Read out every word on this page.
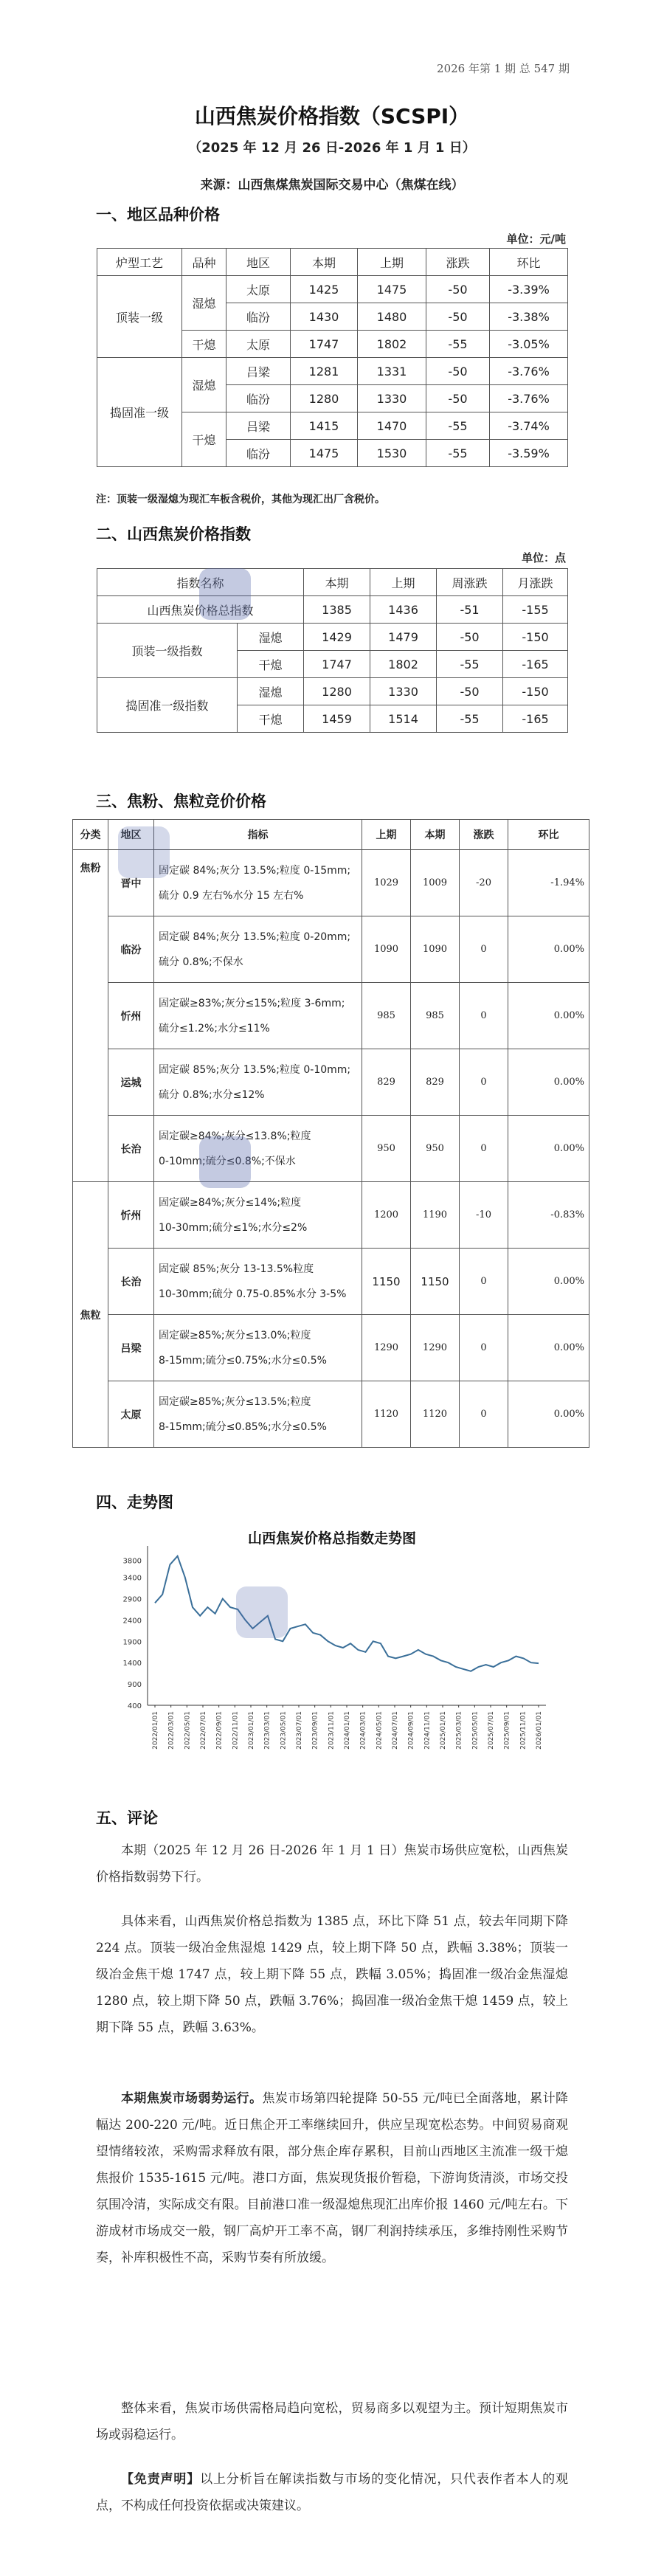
2026 年第 1 期 总 547 期
山西焦炭价格指数（SCSPI）
（2025 年 12 月 26 日-2026 年 1 月 1 日）
来源：山西焦煤焦炭国际交易中心（焦煤在线）
一、地区品种价格
单位：元/吨
炉型工艺	品种	地区	本期	上期	涨跌	环比
顶装一级	湿熄	太原	1425	1475	-50	-3.39%
		临汾	1430	1480	-50	-3.38%
	干熄	太原	1747	1802	-55	-3.05%
捣固准一级	湿熄	吕梁	1281	1331	-50	-3.76%
		临汾	1280	1330	-50	-3.76%
	干熄	吕梁	1415	1470	-55	-3.74%
		临汾	1475	1530	-55	-3.59%
注：顶装一级湿熄为现汇车板含税价，其他为现汇出厂含税价。
二、山西焦炭价格指数
单位：点
指数名称		本期	上期	周涨跌	月涨跌
山西焦炭价格总指数		1385	1436	-51	-155
顶装一级指数	湿熄	1429	1479	-50	-150
	干熄	1747	1802	-55	-165
捣固准一级指数	湿熄	1280	1330	-50	-150
	干熄	1459	1514	-55	-165
三、焦粉、焦粒竞价价格
分类	地区	指标	上期	本期	涨跌	环比
焦粉	晋中	固定碳 84%;灰分 13.5%;粒度 0-15mm;
硫分 0.9 左右%水分 15 左右%	1029	1009	-20	-1.94%
	临汾	固定碳 84%;灰分 13.5%;粒度 0-20mm;
硫分 0.8%;不保水	1090	1090	0	0.00%
	忻州	固定碳≥83%;灰分≤15%;粒度 3-6mm;
硫分≤1.2%;水分≤11%	985	985	0	0.00%
	运城	固定碳 85%;灰分 13.5%;粒度 0-10mm;
硫分 0.8%;水分≤12%	829	829	0	0.00%
	长治	固定碳≥84%;灰分≤13.8%;粒度
0-10mm;硫分≤0.8%;不保水	950	950	0	0.00%
焦粒	忻州	固定碳≥84%;灰分≤14%;粒度
10-30mm;硫分≤1%;水分≤2%	1200	1190	-10	-0.83%
	长治	固定碳 85%;灰分 13-13.5%粒度
10-30mm;硫分 0.75-0.85%水分 3-5%	1150	1150	0	0.00%
	吕梁	固定碳≥85%;灰分≤13.0%;粒度
8-15mm;硫分≤0.75%;水分≤0.5%	1290	1290	0	0.00%
	太原	固定碳≥85%;灰分≤13.5%;粒度
8-15mm;硫分≤0.85%;水分≤0.5%	1120	1120	0	0.00%
四、走势图
山西焦炭价格总指数走势图
3800
3400
2900
2400
1900
1400
900
400
2022/01/01 2022/03/01 2022/05/01 2022/07/01 2022/09/01 2022/11/01 2023/01/01 2023/03/01 2023/05/01 2023/07/01 2023/09/01 2023/11/01 2024/01/01 2024/03/01 2024/05/01 2024/07/01 2024/09/01 2024/11/01 2025/01/01 2025/03/01 2025/05/01 2025/07/01 2025/09/01 2025/11/01 2026/01/01
五、评论
本期（2025 年 12 月 26 日-2026 年 1 月 1 日）焦炭市场供应宽松，山西焦炭价格指数弱势下行。
具体来看，山西焦炭价格总指数为 1385 点，环比下降 51 点，较去年同期下降 224 点。顶装一级冶金焦湿熄 1429 点，较上期下降 50 点，跌幅 3.38%；顶装一级冶金焦干熄 1747 点，较上期下降 55 点，跌幅 3.05%；捣固准一级冶金焦湿熄 1280 点，较上期下降 50 点，跌幅 3.76%；捣固准一级冶金焦干熄 1459 点，较上期下降 55 点，跌幅 3.63%。
本期焦炭市场弱势运行。焦炭市场第四轮提降 50-55 元/吨已全面落地，累计降幅达 200-220 元/吨。近日焦企开工率继续回升，供应呈现宽松态势。中间贸易商观望情绪较浓，采购需求释放有限，部分焦企库存累积，目前山西地区主流准一级干熄焦报价 1535-1615 元/吨。港口方面，焦炭现货报价暂稳，下游询货清淡，市场交投氛围冷清，实际成交有限。目前港口准一级湿熄焦现汇出库价报 1460 元/吨左右。下游成材市场成交一般，钢厂高炉开工率不高，钢厂利润持续承压，多维持刚性采购节奏，补库积极性不高，采购节奏有所放缓。
整体来看，焦炭市场供需格局趋向宽松，贸易商多以观望为主。预计短期焦炭市场或弱稳运行。
【免责声明】以上分析旨在解读指数与市场的变化情况，只代表作者本人的观点，不构成任何投资依据或决策建议。
